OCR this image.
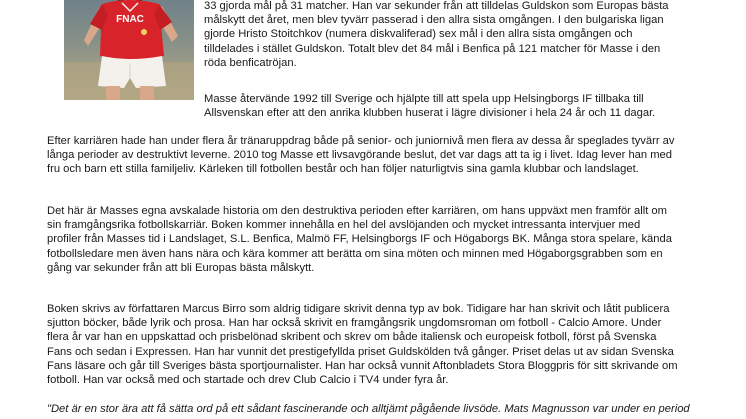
FNAC
33 gjorda mål på 31 matcher. Han var sekunder från att tilldelas Guldskon som Europas bästa
målskytt det året, men blev tyvärr passerad i den allra sista omgången. I den bulgariska ligan
gjorde Hristo Stoitchkov (numera diskvaliferad) sex mål i den allra sista omgången och
tilldelades i stället Guldskon. Totalt blev det 84 mål i Benfica på 121 matcher för Masse i den
röda benficatröjan.
Masse återvände 1992 till Sverige och hjälpte till att spela upp Helsingborgs IF tillbaka till
Allsvenskan efter att den anrika klubben huserat i lägre divisioner i hela 24 år och 11 dagar.
Efter karriären hade han under flera år tränaruppdrag både på senior- och juniornivå men flera av dessa år speglades tyvärr av
långa perioder av destruktivt leverne. 2010 tog Masse ett livsavgörande beslut, det var dags att ta ig i livet. Idag lever han med
fru och barn ett stilla familjeliv. Kärleken till fotbollen består och han följer naturligtvis sina gamla klubbar och landslaget.
Det här är Masses egna avskalade historia om den destruktiva perioden efter karriären, om hans uppväxt men framför allt om
sin framgångsrika fotbollskarriär. Boken kommer innehålla en hel del avslöjanden och mycket intressanta intervjuer med
profiler från Masses tid i Landslaget, S.L. Benfica, Malmö FF, Helsingborgs IF och Högaborgs BK. Många stora spelare, kända
fotbollsledare men även hans nära och kära kommer att berätta om sina möten och minnen med Högaborgsgrabben som en
gång var sekunder från att bli Europas bästa målskytt.
Boken skrivs av författaren Marcus Birro som aldrig tidigare skrivit denna typ av bok. Tidigare har han skrivit och låtit publicera
sjutton böcker, både lyrik och prosa. Han har också skrivit en framgångsrik ungdomsroman om fotboll - Calcio Amore. Under
flera år var han en uppskattad och prisbelönad skribent och skrev om både italiensk och europeisk fotboll, först på Svenska
Fans och sedan i Expressen. Han har vunnit det prestigefyllda priset Guldskölden två gånger. Priset delas ut av sidan Svenska
Fans läsare och går till Sveriges bästa sportjournalister. Han har också vunnit Aftonbladets Stora Bloggpris för sitt skrivande om
fotboll. Han var också med och startade och drev Club Calcio i TV4 under fyra år.
"Det är en stor ära att få sätta ord på ett sådant fascinerande och alltjämt pågående livsöde. Mats Magnusson var under en period
